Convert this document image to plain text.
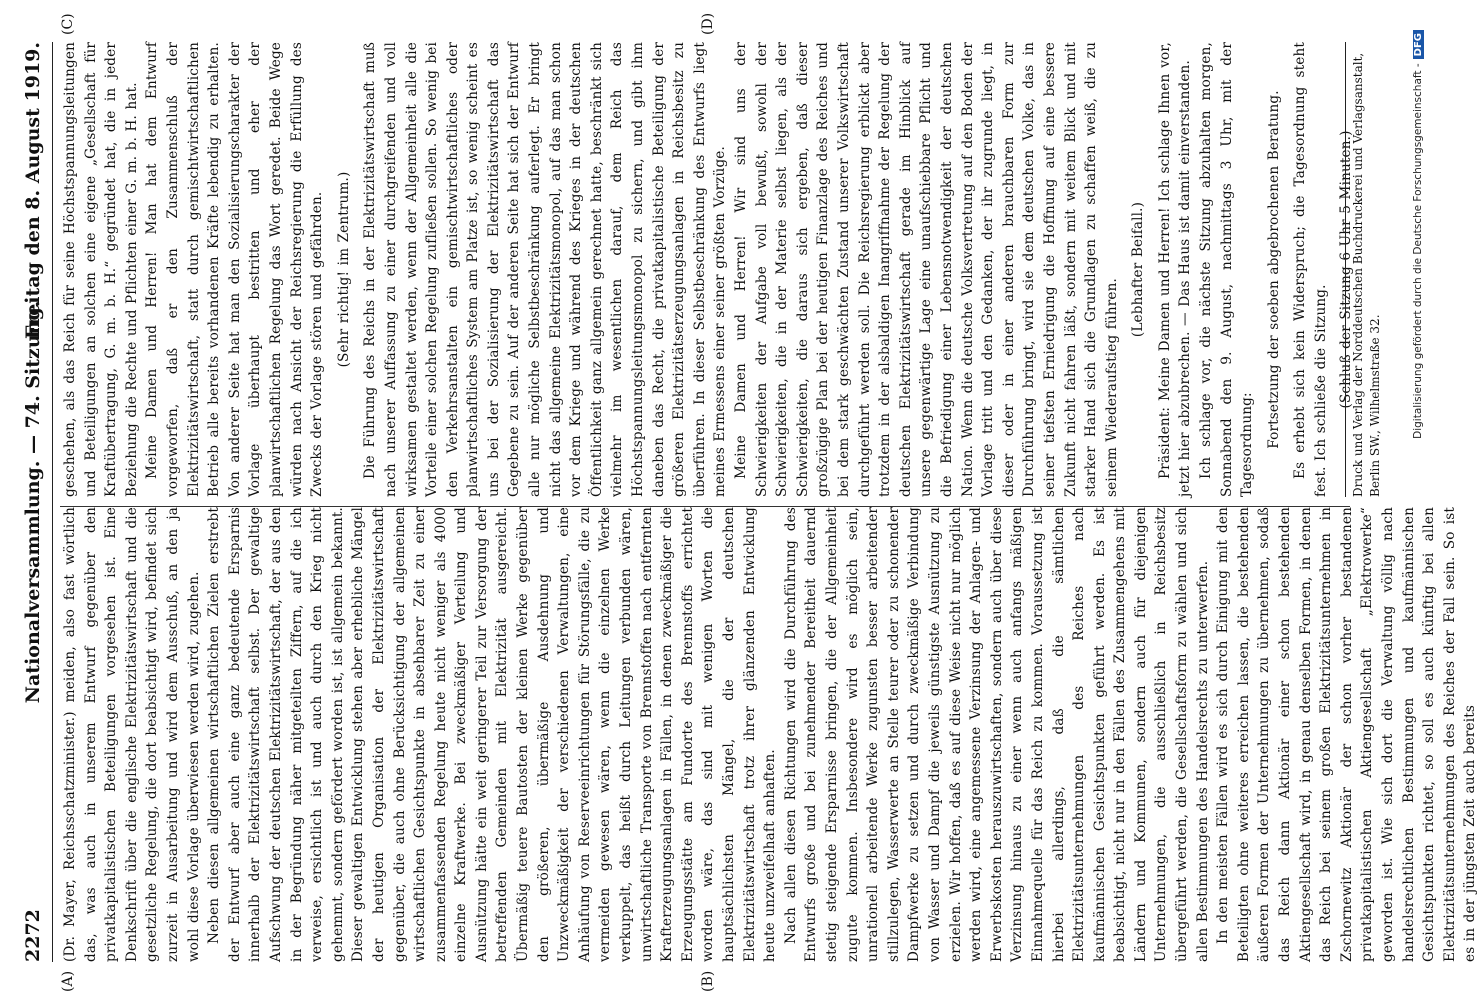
2272
Nationalversammlung. — 74. Sitzung.
Freitag den 8. August 1919.
(A)	(B)
(C)	(D)

(Dr. Mayer, Reichsschatzminister.) meiden, also fast wörtlich das, was auch in unserem Entwurf gegenüber den privatkapitalistischen Beteiligungen vorgesehen ist. Eine Denkschrift über die englische Elektrizitätswirtschaft und die gesetzliche Regelung, die dort beabsichtigt wird, befindet sich zurzeit in Ausarbeitung und wird dem Ausschuß, an den ja wohl diese Vorlage überwiesen werden wird, zugehen. Neben diesen allgemeinen wirtschaftlichen Zielen erstrebt der Entwurf aber auch eine ganz bedeutende Ersparnis innerhalb der Elektrizitätswirtschaft selbst. Der gewaltige Aufschwung der deutschen Elektrizitätswirtschaft, der aus den in der Begründung näher mitgeteilten Ziffern, auf die ich verweise, ersichtlich ist und auch durch den Krieg nicht gehemmt, sondern gefördert worden ist, ist allgemein bekannt. Dieser gewaltigen Entwicklung stehen aber erhebliche Mängel der heutigen Organisation der Elektrizitätswirtschaft gegenüber, die auch ohne Berücksichtigung der allgemeinen wirtschaftlichen Gesichtspunkte in absehbarer Zeit zu einer zusammenfassenden Regelung heute nicht weniger als 4000 einzelne Kraftwerke. Bei zweckmäßiger Verteilung und Ausnützung hätte ein weit geringerer Teil zur Versorgung der betreffenden Gemeinden mit Elektrizität ausgereicht. Übermäßig teuere Bautosten der kleinen Werke gegenüber den größeren, übermäßige Ausdehnung und Unzweckmäßigkeit der verschiedenen Verwaltungen, eine Anhäufung von Reserveeinrichtungen für Störungsfälle, die zu vermeiden gewesen wären, wenn die einzelnen Werke verkuppelt, das heißt durch Leitungen verbunden wären, unwirtschaftliche Transporte von Brennstoffen nach entfernten Krafterzeugungsanlagen in Fällen, in denen zweckmäßiger die Erzeugungsstätte am Fundorte des Brennstoffs errichtet worden wäre, das sind mit wenigen Worten die hauptsächlichsten Mängel, die der deutschen Elektrizitätswirtschaft trotz ihrer glänzenden Entwicklung heute unzweifelhaft anhaften. Nach allen diesen Richtungen wird die Durchführung des Entwurfs große und bei zunehmender Bereitheit dauernd stetig steigende Ersparnisse bringen, die der Allgemeinheit zugute kommen. Insbesondere wird es möglich sein, unrationell arbeitende Werke zugunsten besser arbeitender stillzulegen, Wasserwerte an Stelle teurer oder zu schonender Dampfwerke zu setzen und durch zweckmäßige Verbindung von Wasser und Dampf die jeweils günstigste Ausnützung zu erzielen. Wir hoffen, daß es auf diese Weise nicht nur möglich werden wird, eine angemessene Verzinsung der Anlagen- und Erwerbskosten herauszuwirtschaften, sondern auch über diese Verzinsung hinaus zu einer wenn auch anfangs mäßigen Einnahmequelle für das Reich zu kommen. Voraussetzung ist hierbei allerdings, daß die sämtlichen Elektrizitätsunternehmungen des Reiches nach kaufmännischen Gesichtspunkten geführt werden. Es ist beabsichtigt, nicht nur in den Fällen des Zusammengehens mit Ländern und Kommunen, sondern auch für diejenigen Unternehmungen, die ausschließlich in Reichsbesitz übergeführt werden, die Gesellschaftsform zu wählen und sich allen Bestimmungen des Handelsrechts zu unterwerfen. In den meisten Fällen wird es sich durch Einigung mit den Beteiligten ohne weiteres erreichen lassen, die bestehenden äußeren Formen der Unternehmungen zu übernehmen, sodaß das Reich dann Aktionär einer schon bestehenden Aktiengesellschaft wird, in genau denselben Formen, in denen das Reich bei seinem großen Elektrizitätsunternehmen in Zschornewitz Aktionär der schon vorher bestandenen privatkapitalistischen Aktiengesellschaft „Elektrowerke“ geworden ist. Wie sich dort die Verwaltung völlig nach handelsrechtlichen Bestimmungen und kaufmännischen Gesichtspunkten richtet, so soll es auch künftig bei allen Elektrizitätsunternehmungen des Reiches der Fall sein. So ist es in der jüngsten Zeit auch bereits

geschehen, als das Reich für seine Höchstspannungsleitungen und Beteiligungen an solchen eine eigene „Gesellschaft für Kraftübertragung, G. m. b. H.“ gegründet hat, die in jeder Beziehung die Rechte und Pflichten einer G. m. b. H. hat. Meine Damen und Herren! Man hat dem Entwurf vorgeworfen, daß er den Zusammenschluß der Elektrizitätswirtschaft, statt durch gemischtwirtschaftlichen Betrieb alle bereits vorhandenen Kräfte lebendig zu erhalten. Von anderer Seite hat man den Sozialisierungscharakter der Vorlage überhaupt bestritten und eher der planwirtschaftlichen Regelung das Wort geredet. Beide Wege würden nach Ansicht der Reichsregierung die Erfüllung des Zwecks der Vorlage stören und gefährden. (Sehr richtig! im Zentrum.) Die Führung des Reichs in der Elektrizitätswirtschaft muß nach unserer Auffassung zu einer durchgreifenden und voll wirksamen gestaltet werden, wenn der Allgemeinheit alle die Vorteile einer solchen Regelung zufließen sollen. So wenig bei den Verkehrsanstalten ein gemischtwirtschaftliches oder planwirtschaftliches System am Platze ist, so wenig scheint es uns bei der Sozialisierung der Elektrizitätswirtschaft das Gegebene zu sein. Auf der anderen Seite hat sich der Entwurf alle nur mögliche Selbstbeschränkung auferlegt. Er bringt nicht das allgemeine Elektrizitätsmonopol, auf das man schon vor dem Kriege und während des Krieges in der deutschen Öffentlichkeit ganz allgemein gerechnet hatte, beschränkt sich vielmehr im wesentlichen darauf, dem Reich das Höchstspannungsleitungsmonopol zu sichern, und gibt ihm daneben das Recht, die privatkapitalistische Beteiligung der größeren Elektrizitätserzeugungsanlagen in Reichsbesitz zu überführen. In dieser Selbstbeschränkung des Entwurfs liegt meines Ermessens einer seiner größten Vorzüge. Meine Damen und Herren! Wir sind uns der Schwierigkeiten der Aufgabe voll bewußt, sowohl der Schwierigkeiten, die in der Materie selbst liegen, als der Schwierigkeiten, die daraus sich ergeben, daß dieser großzügige Plan bei der heutigen Finanzlage des Reiches und bei dem stark geschwächten Zustand unserer Volkswirtschaft durchgeführt werden soll. Die Reichsregierung erblickt aber trotzdem in der alsbaldigen Inangriffnahme der Regelung der deutschen Elektrizitätswirtschaft gerade im Hinblick auf unsere gegenwärtige Lage eine unaufschiebbare Pflicht und die Befriedigung einer Lebensnotwendigkeit der deutschen Nation. Wenn die deutsche Volksvertretung auf den Boden der Vorlage tritt und den Gedanken, der ihr zugrunde liegt, in dieser oder in einer anderen brauchbaren Form zur Durchführung bringt, wird sie dem deutschen Volke, das in seiner tiefsten Erniedrigung die Hoffnung auf eine bessere Zukunft nicht fahren läßt, sondern mit weitem Blick und mit starker Hand sich die Grundlagen zu schaffen weiß, die zu seinem Wiederaufstieg führen.

(Lebhafter Beifall.) Präsident: Meine Damen und Herren! Ich schlage Ihnen vor, jetzt hier abzubrechen. — Das Haus ist damit einverstanden. Ich schlage vor, die nächste Sitzung abzuhalten morgen, Sonnabend den 9. August, nachmittags 3 Uhr, mit der Tagesordnung: Fortsetzung der soeben abgebrochenen Beratung. Es erhebt sich kein Widerspruch; die Tagesordnung steht fest. Ich schließe die Sitzung. (Schluß der Sitzung 6 Uhr 5 Minuten.)

Druck und Verlag der Norddeutschen Buchdruckerei und Verlagsanstalt, Berlin SW., Wilhelmstraße 32.	Digitalisierung gefördert durch die Deutsche Forschungsgemeinschaft -DFG
